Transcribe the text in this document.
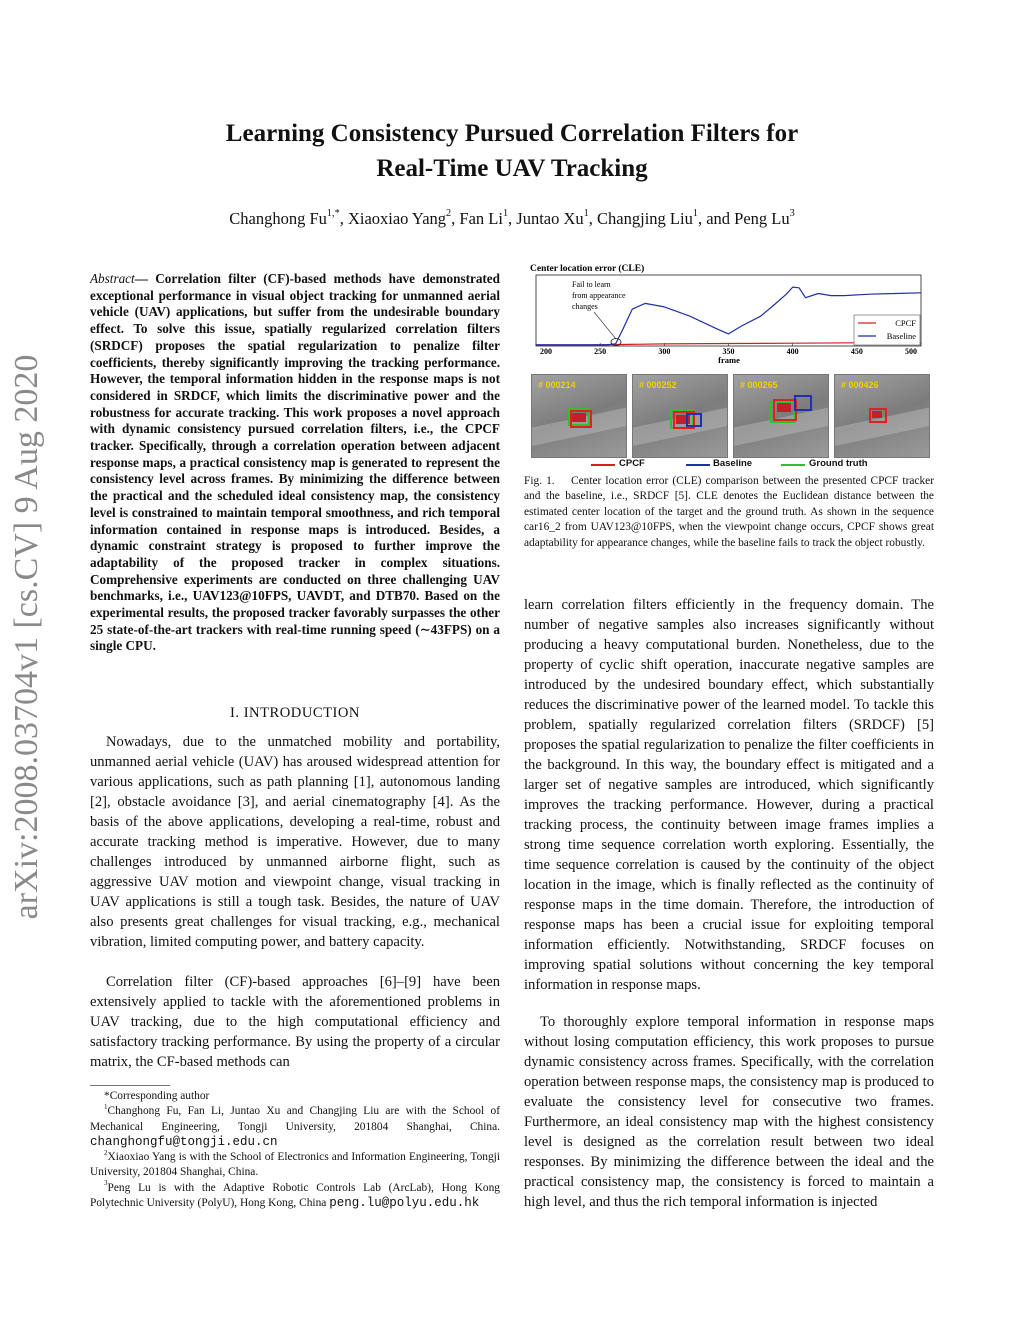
Learning Consistency Pursued Correlation Filters for
Real-Time UAV Tracking
Changhong $Fu^{1,*}$, Xiaoxiao Yang$^2$, Fan Li$^1$, Juntao Xu$^1$, Changjing Liu$^1$, and Peng Lu$^3$
arXiv:2008.03704v1 [cs.CV] 9 Aug 2020
Abstract— Correlation filter (CF)-based methods have demonstrated exceptional performance in visual object tracking for unmanned aerial vehicle (UAV) applications, but suffer from the undesirable boundary effect. To solve this issue, spatially regularized correlation filters (SRDCF) proposes the spatial regularization to penalize filter coefficients, thereby significantly improving the tracking performance. However, the temporal information hidden in the response maps is not considered in SRDCF, which limits the discriminative power and the robustness for accurate tracking. This work proposes a novel approach with dynamic consistency pursued correlation filters, i.e., the CPCF tracker. Specifically, through a correlation operation between adjacent response maps, a practical consistency map is generated to represent the consistency level across frames. By minimizing the difference between the practical and the scheduled ideal consistency map, the consistency level is constrained to maintain temporal smoothness, and rich temporal information contained in response maps is introduced. Besides, a dynamic constraint strategy is proposed to further improve the adaptability of the proposed tracker in complex situations. Comprehensive experiments are conducted on three challenging UAV benchmarks, i.e., UAV123@10FPS, UAVDT, and DTB70. Based on the experimental results, the proposed tracker favorably surpasses the other 25 state-of-the-art trackers with real-time running speed (∼43FPS) on a single CPU.
I. INTRODUCTION
Nowadays, due to the unmatched mobility and portability, unmanned aerial vehicle (UAV) has aroused widespread attention for various applications, such as path planning [1], autonomous landing [2], obstacle avoidance [3], and aerial cinematography [4]. As the basis of the above applications, developing a real-time, robust and accurate tracking method is imperative. However, due to many challenges introduced by unmanned airborne flight, such as aggressive UAV motion and viewpoint change, visual tracking in UAV applications is still a tough task. Besides, the nature of UAV also presents great challenges for visual tracking, e.g., mechanical vibration, limited computing power, and battery capacity.
Correlation filter (CF)-based approaches [6]–[9] have been extensively applied to tackle with the aforementioned problems in UAV tracking, due to the high computational efficiency and satisfactory tracking performance. By using the property of a circular matrix, the CF-based methods can

*Corresponding author

$^1$Changhong Fu, Fan Li, Juntao Xu and Changjing Liu are with the School of Mechanical Engineering, Tongji University, 201804 Shanghai, China. changhongfu@tongji.edu.cn

$^2$Xiaoxiao Yang is with the School of Electronics and Information Engineering, Tongji University, 201804 Shanghai, China.

$^3$Peng Lu is with the Adaptive Robotic Controls Lab (ArcLab), Hong Kong Polytechnic University (PolyU), Hong Kong, China peng.lu@polyu.edu.hk

Center location error (CLE)
200	250	300	350	400	450	500
Fail to learn
from appearance
changes
CPCF
Baseline
frame
# 000214	# 000252	# 000265	# 000426
CPCF	Baseline	Ground truth
Fig. 1. Center location error (CLE) comparison between the presented CPCF tracker and the baseline, i.e., SRDCF [5]. CLE denotes the Euclidean distance between the estimated center location of the target and the ground truth. As shown in the sequence car16_2 from UAV123@10FPS, when the viewpoint change occurs, CPCF shows great adaptability for appearance changes, while the baseline fails to track the object robustly.
learn correlation filters efficiently in the frequency domain. The number of negative samples also increases significantly without producing a heavy computational burden. Nonetheless, due to the property of cyclic shift operation, inaccurate negative samples are introduced by the undesired boundary effect, which substantially reduces the discriminative power of the learned model. To tackle this problem, spatially regularized correlation filters (SRDCF) [5] proposes the spatial regularization to penalize the filter coefficients in the background. In this way, the boundary effect is mitigated and a larger set of negative samples are introduced, which significantly improves the tracking performance. However, during a practical tracking process, the continuity between image frames implies a strong time sequence correlation worth exploring. Essentially, the time sequence correlation is caused by the continuity of the object location in the image, which is finally reflected as the continuity of response maps in the time domain. Therefore, the introduction of response maps has been a crucial issue for exploiting temporal information efficiently. Notwithstanding, SRDCF focuses on improving spatial solutions without concerning the key temporal information in response maps.
To thoroughly explore temporal information in response maps without losing computation efficiency, this work proposes to pursue dynamic consistency across frames. Specifically, with the correlation operation between response maps, the consistency map is produced to evaluate the consistency level for consecutive two frames. Furthermore, an ideal consistency map with the highest consistency level is designed as the correlation result between two ideal responses. By minimizing the difference between the ideal and the practical consistency map, the consistency is forced to maintain a high level, and thus the rich temporal information is injected
